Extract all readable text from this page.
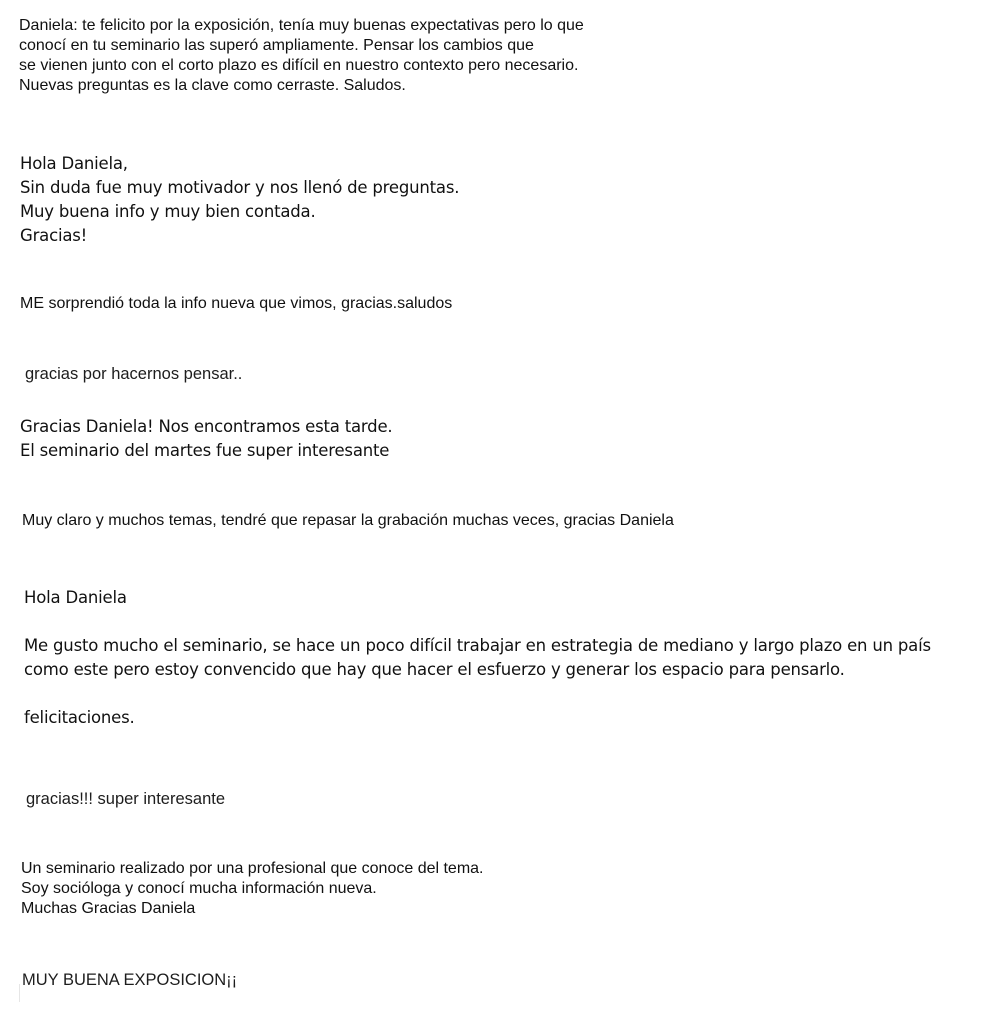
Daniela: te felicito por la exposición, tenía muy buenas expectativas pero lo que
conocí en tu seminario las superó ampliamente. Pensar los cambios que
se vienen junto con el corto plazo es difícil en nuestro contexto pero necesario.
Nuevas preguntas es la clave como cerraste. Saludos.
Hola Daniela,
Sin duda fue muy motivador y nos llenó de preguntas.
Muy buena info y muy bien contada.
Gracias!
ME sorprendió toda la info nueva que vimos, gracias.saludos
gracias por hacernos pensar..
Gracias Daniela! Nos encontramos esta tarde.
El seminario del martes fue super interesante
Muy claro y muchos temas, tendré que repasar la grabación muchas veces, gracias Daniela
Hola Daniela
Me gusto mucho el seminario, se hace un poco difícil trabajar en estrategia de mediano y largo plazo en un país
como este pero estoy convencido que hay que hacer el esfuerzo y generar los espacio para pensarlo.
felicitaciones.
gracias!!! super interesante
Un seminario realizado por una profesional que conoce del tema.
Soy socióloga y conocí mucha información nueva.
Muchas Gracias Daniela
MUY BUENA EXPOSICION¡¡
